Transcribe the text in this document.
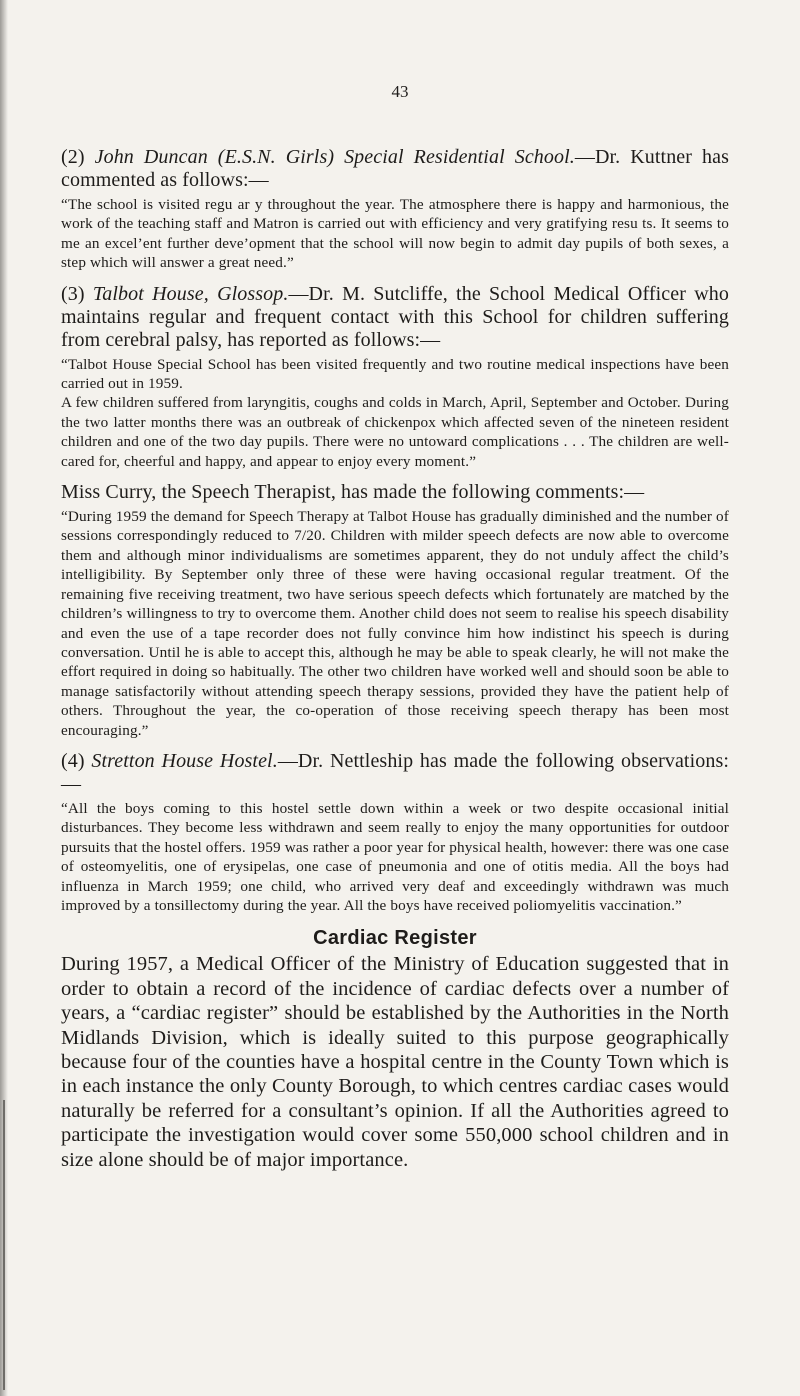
43

(2) John Duncan (E.S.N. Girls) Special Residential School.—Dr. Kuttner has commented as follows:—

“The school is visited regu ar y throughout the year. The atmosphere there is happy and harmonious, the work of the teaching staff and Matron is carried out with efficiency and very gratifying resu ts. It seems to me an excel’ent further deve’opment that the school will now begin to admit day pupils of both sexes, a step which will answer a great need.”

(3) Talbot House, Glossop.—Dr. M. Sutcliffe, the School Medical Officer who maintains regular and frequent contact with this School for children suffering from cerebral palsy, has reported as follows:—

“Talbot House Special School has been visited frequently and two routine medical inspections have been carried out in 1959.

A few children suffered from laryngitis, coughs and colds in March, April, September and October. During the two latter months there was an outbreak of chickenpox which affected seven of the nineteen resident children and one of the two day pupils. There were no untoward complications . . . The children are well-cared for, cheerful and happy, and appear to enjoy every moment.”

Miss Curry, the Speech Therapist, has made the following comments:—

“During 1959 the demand for Speech Therapy at Talbot House has gradually diminished and the number of sessions correspondingly reduced to 7/20. Children with milder speech defects are now able to overcome them and although minor individualisms are sometimes apparent, they do not unduly affect the child’s intelligibility. By September only three of these were having occasional regular treatment. Of the remaining five receiving treatment, two have serious speech defects which fortunately are matched by the children’s willingness to try to overcome them. Another child does not seem to realise his speech disability and even the use of a tape recorder does not fully convince him how indistinct his speech is during conversation. Until he is able to accept this, although he may be able to speak clearly, he will not make the effort required in doing so habitually. The other two children have worked well and should soon be able to manage satisfactorily without attending speech therapy sessions, provided they have the patient help of others. Throughout the year, the co-operation of those receiving speech therapy has been most encouraging.”

(4) Stretton House Hostel.—Dr. Nettleship has made the following observations:—

“All the boys coming to this hostel settle down within a week or two despite occasional initial disturbances. They become less withdrawn and seem really to enjoy the many opportunities for outdoor pursuits that the hostel offers. 1959 was rather a poor year for physical health, however: there was one case of osteomyelitis, one of erysipelas, one case of pneumonia and one of otitis media. All the boys had influenza in March 1959; one child, who arrived very deaf and exceedingly withdrawn was much improved by a tonsillectomy during the year. All the boys have received poliomyelitis vaccination.”

Cardiac Register

During 1957, a Medical Officer of the Ministry of Education suggested that in order to obtain a record of the incidence of cardiac defects over a number of years, a “cardiac register” should be established by the Authorities in the North Midlands Division, which is ideally suited to this purpose geographically because four of the counties have a hospital centre in the County Town which is in each instance the only County Borough, to which centres cardiac cases would naturally be referred for a consultant’s opinion. If all the Authorities agreed to participate the investigation would cover some 550,000 school children and in size alone should be of major importance.
